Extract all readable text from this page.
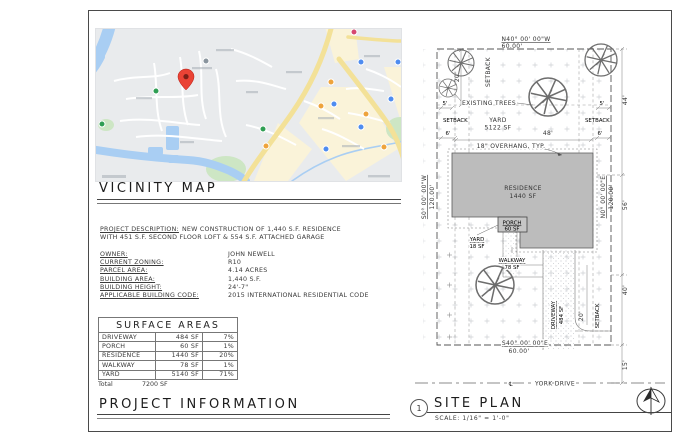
VICINITY MAP
PROJECT DESCRIPTION: NEW CONSTRUCTION OF 1,440 S.F. RESIDENCE
WITH 451 S.F. SECOND FLOOR LOFT & 554 S.F. ATTACHED GARAGE
OWNER:	JOHN NEWELL
CURRENT ZONING:	R10
PARCEL AREA:	4.14 ACRES
BUILDING AREA:	1,440 S.F.
BUILDING HEIGHT:	24'-7"
APPLICABLE BUILDING CODE:	2015 INTERNATIONAL RESIDENTIAL CODE
SURFACE AREAS		
DRIVEWAY	484 SF	7%
PORCH	60 SF	1%
RESIDENCE	1440 SF	20%
WALKWAY	78 SF	1%
YARD	5140 SF	71%
Total	7200 SF
PROJECT INFORMATION
N40° 00' 00"W
60.00'
S0° 00' 00"W 120.00'	N0° 00' 00"E 120.00'
S40° 00' 00"E
60.00'
20'	SETBACK
5'	5'
SETBACK	SETBACK
6'	6'
48'
EXISTING TREES
YARD
5122 SF
18" OVERHANG, TYP.
RESIDENCE
1440 SF
PORCH
60 SF
YARD
18 SF
WALKWAY
78 SF
DRIVEWAY 484 SF 20' SETBACK
44'
56'
40'
15'
℄	YORK DRIVE
1 SITE PLAN
SCALE: 1/16" = 1'-0"
